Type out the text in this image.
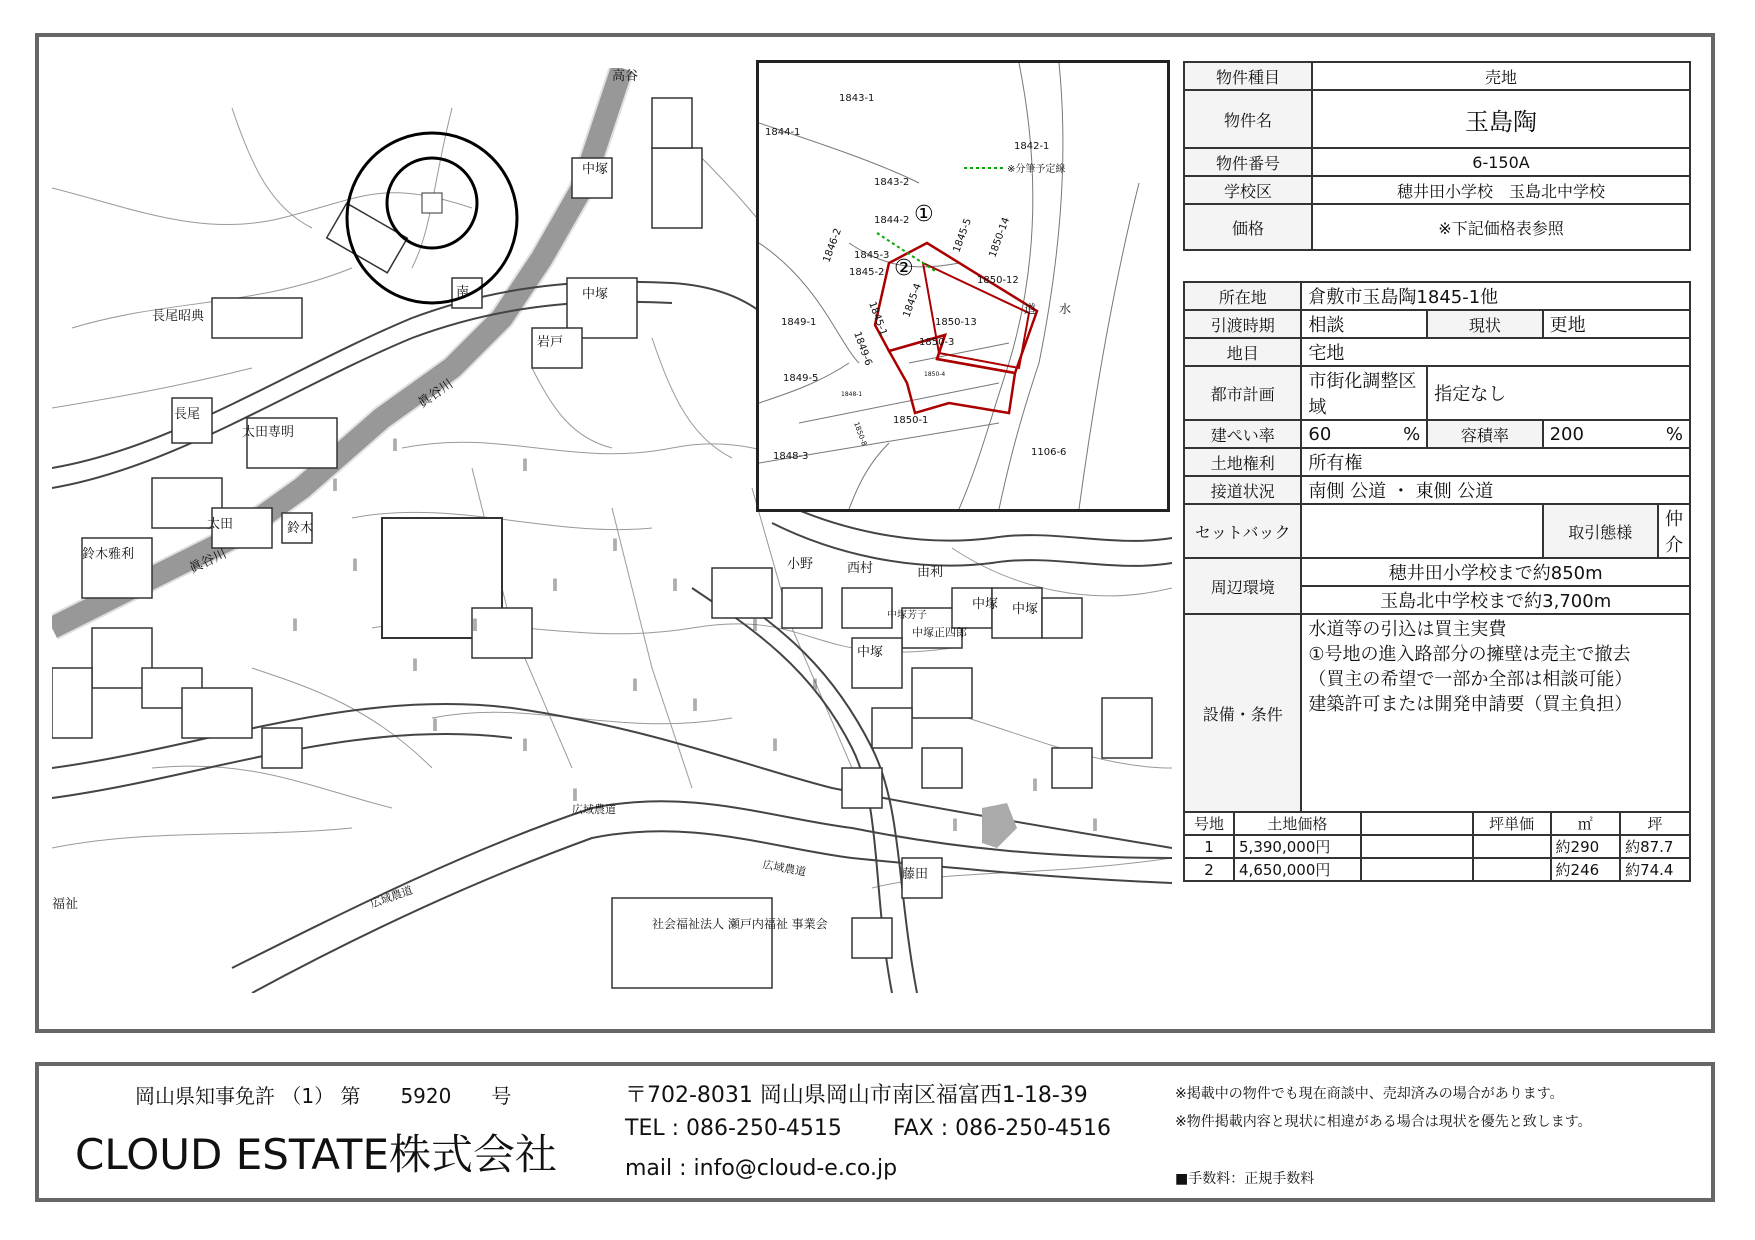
‖
‖
‖
‖
‖
‖
‖
‖
‖
‖
‖
‖
‖
‖
‖
‖
‖
‖
‖
‖
‖
長尾昭典
長尾
太田専明
太田
鈴木雅利
鈴木
中塚
中塚
中塚
中塚
中塚
岩戸
南
小野	西村	由利
中塚芳子
中塚正四郎
藤田
高谷
社会福祉法人 瀬戸内福祉 事業会
福祉
眞谷川
眞谷川
広域農道
広域農道
広域農道
1843-1
1844-1
1842-1
1843-2
1844-2
1846-2 1845-3
1845-2
1845-5 1850-14
1850-12
1845-4
1845-1
1849-1	1850-13
1850-3
1849-6
1849-5
1850-1
1850-8
1848-3	1106-6
1850-4
1848-1
※分筆予定線
水
道
①
②
物件種目	売地
物件名	玉島陶
物件番号	6-150A
学校区	穂井田小学校　玉島北中学校
価格	※下記価格表参照
所在地	倉敷市玉島陶1845-1他			
引渡時期	相談	現状	更地	
地目	宅地			
都市計画	市街化調整区域	指定なし		
建ぺい率	60 %	容積率	200 %	

土地権利	所有権			
接道状況	南側 公道 ・ 東側 公道			
セットバック			取引態様	仲介
周辺環境	穂井田小学校まで約850m			
	玉島北中学校まで約3,700m			
設備・条件	水道等の引込は買主実費
①号地の進入路部分の擁壁は売主で撤去
（買主の希望で一部か全部は相談可能）
建築許可または開発申請要（買主負担）			
号地	土地価格		坪単価	㎡	坪
1	5,390,000円			約290	約87.7
2	4,650,000円			約246	約74.4
岡山県知事免許 （1） 第　　5920　　号
CLOUD ESTATE株式会社
〒702-8031 岡山県岡山市南区福富西1-18-39
TEL : 086-250-4515 FAX : 086-250-4516
mail : info@cloud-e.co.jp
※掲載中の物件でも現在商談中、売却済みの場合があります。
※物件掲載内容と現状に相違がある場合は現状を優先と致します。
■手数料：正規手数料
